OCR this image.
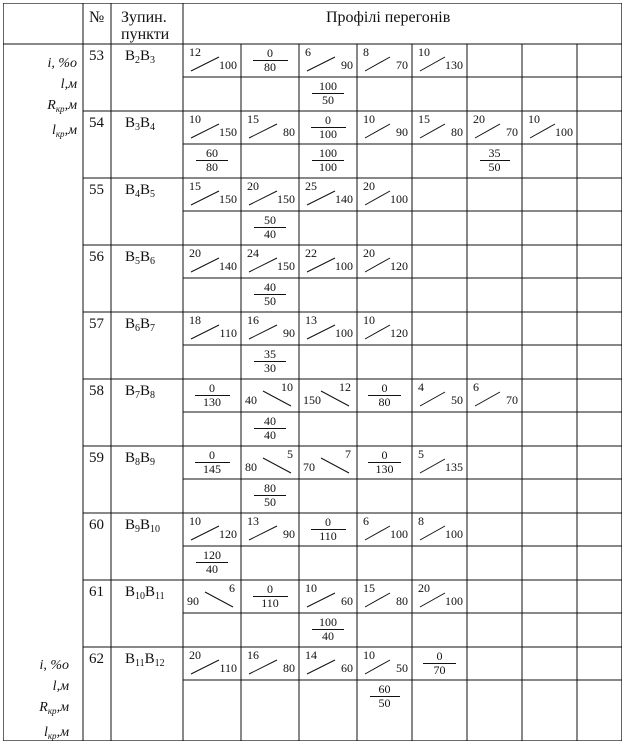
№ Зупин.
пункти
Профілі перегонів
i, %o
l,м
$R_{кр},м$
$l_{кр},м$
i, %o
l,м
$R_{кр},м$
$l_{кр},м$
53 $B_2B_3$
12
100
0
80
6
90
8
70
10
130
100
50
54 $B_3B_4$
10
150
15
80
0
100
10
90
15
80
20
70
10
100
60
80
100
100
35
50
55 $B_4B_5$
15
150
20
150
25
140
20
100
50
40
56 $B_5B_6$
20
140
24
150
22
100
20
120
40
50
57 $B_6B_7$
18
110
16
90
13
100
10
120
35
30
58 $B_7B_8$
0
130
10
40
12
150
0
80
4
50
6
70
40
40
59 $B_8B_9$
0
145
5
80
7
70
0
130
5
135
80
50
60 $B_9B_{10}$
10
120
13
90
0
110
6
100
8
100
120
40
61 $B_{10}B_{11}$
6
90
0
110
10
60
15
80
20
100
100
40
62 $B_{11}B_{12}$
20
110
16
80
14
60
10
50
0
70
60
50
